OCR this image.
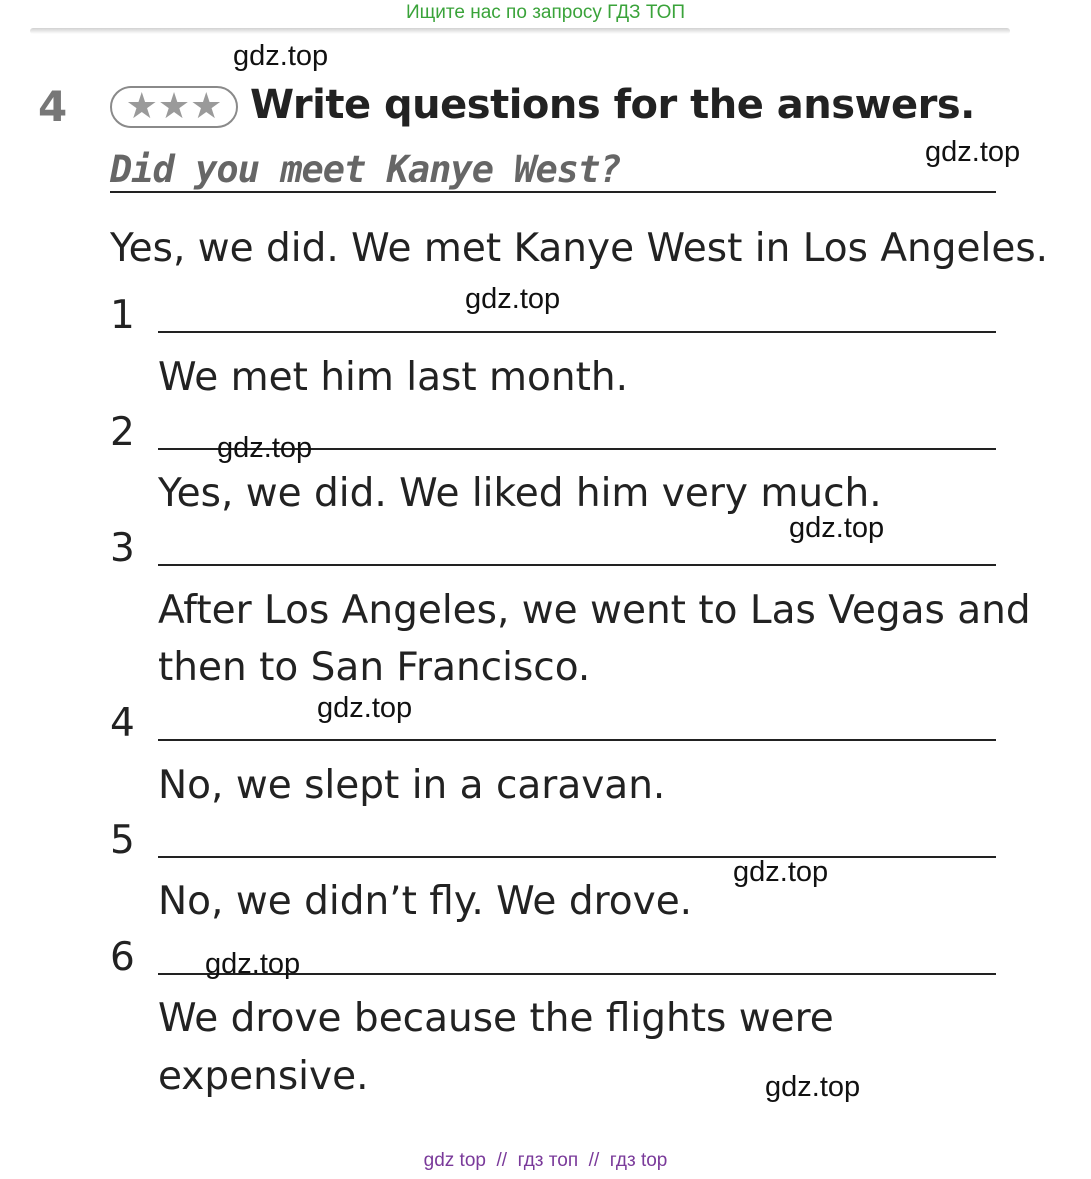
Ищите нас по запросу ГДЗ ТОП
4 ★★★ Write questions for the answers.
Did you meet Kanye West?
Yes, we did. We met Kanye West in Los Angeles.
1
We met him last month.
2
Yes, we did. We liked him very much.
3
After Los Angeles, we went to Las Vegas and
then to San Francisco.
4
No, we slept in a caravan.
5
No, we didn’t fly. We drove.
6
We drove because the flights were
expensive.
gdz.top
gdz.top
gdz.top
gdz.top
gdz.top
gdz.top
gdz.top
gdz.top
gdz.top
gdz top  //  гдз топ  //  гдз top
